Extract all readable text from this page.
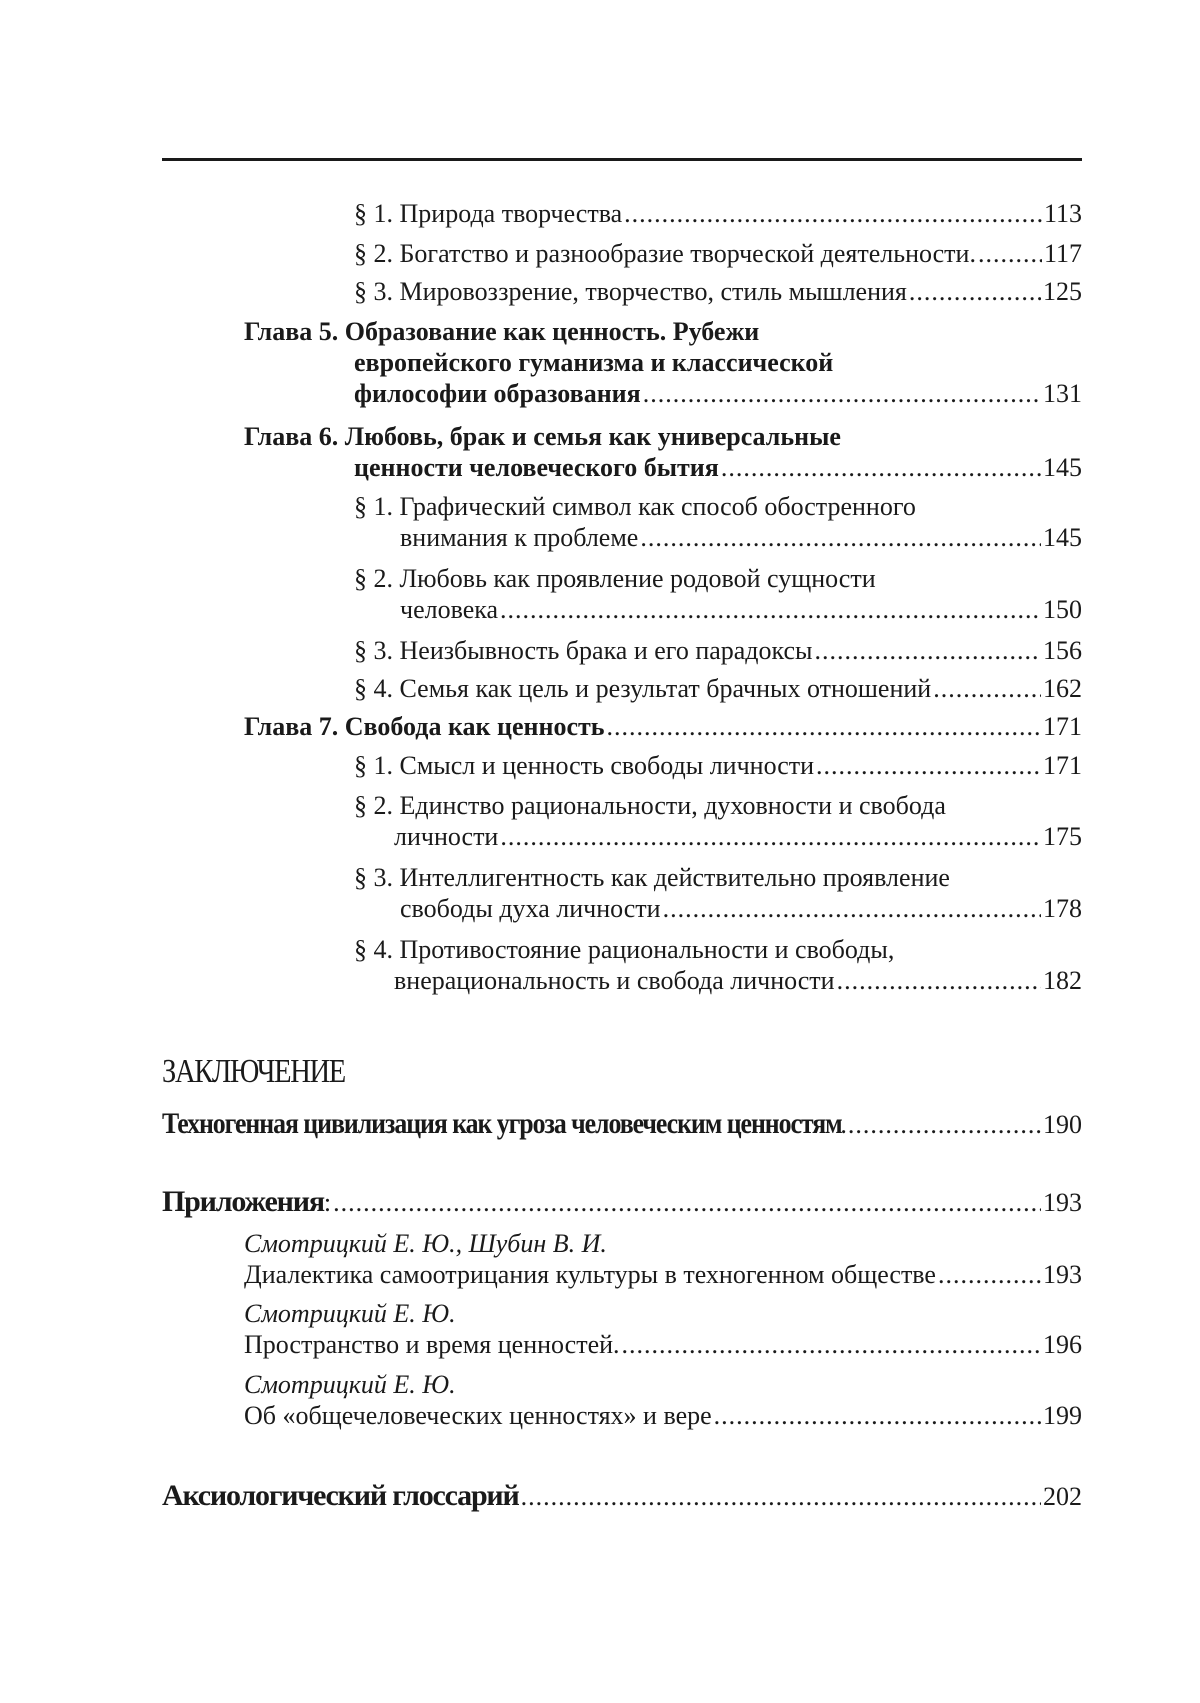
§ 1. Природа творчества .....	113
§ 2. Богатство и разнообразие творческой деятельности. .....	117
§ 3. Мировоззрение, творчество, стиль мышления .....	125
Глава 5. Образование как ценность. Рубежи
европейского гуманизма и классической
философии образования .....	131
Глава 6. Любовь, брак и семья как универсальные
ценности человеческого бытия .....	145
§ 1. Графический символ как способ обостренного
внимания к проблеме .....	145
§ 2. Любовь как проявление родовой сущности
человека .....	150
§ 3. Неизбывность брака и его парадоксы .....	156
§ 4. Семья как цель и результат брачных отношений .....	162
Глава 7. Свобода как ценность .....	171
§ 1. Смысл и ценность свободы личности .....	171
§ 2. Единство рациональности, духовности и свобода
личности .....	175
§ 3. Интеллигентность как действительно проявление
свободы духа личности .....	178
§ 4. Противостояние рациональности и свободы,
внерациональность и свобода личности .....	182
ЗАКЛЮЧЕНИЕ
Техногенная цивилизация как угроза человеческим ценностям .....	190
Приложения : .....	193
Смотрицкий Е. Ю., Шубин В. И.
Диалектика самоотрицания культуры в техногенном обществе .....	193
Смотрицкий Е. Ю.
Пространство и время ценностей. .....	196
Смотрицкий Е. Ю.
Об «общечеловеческих ценностях» и вере .....	199
Аксиологический глоссарий .....	202
